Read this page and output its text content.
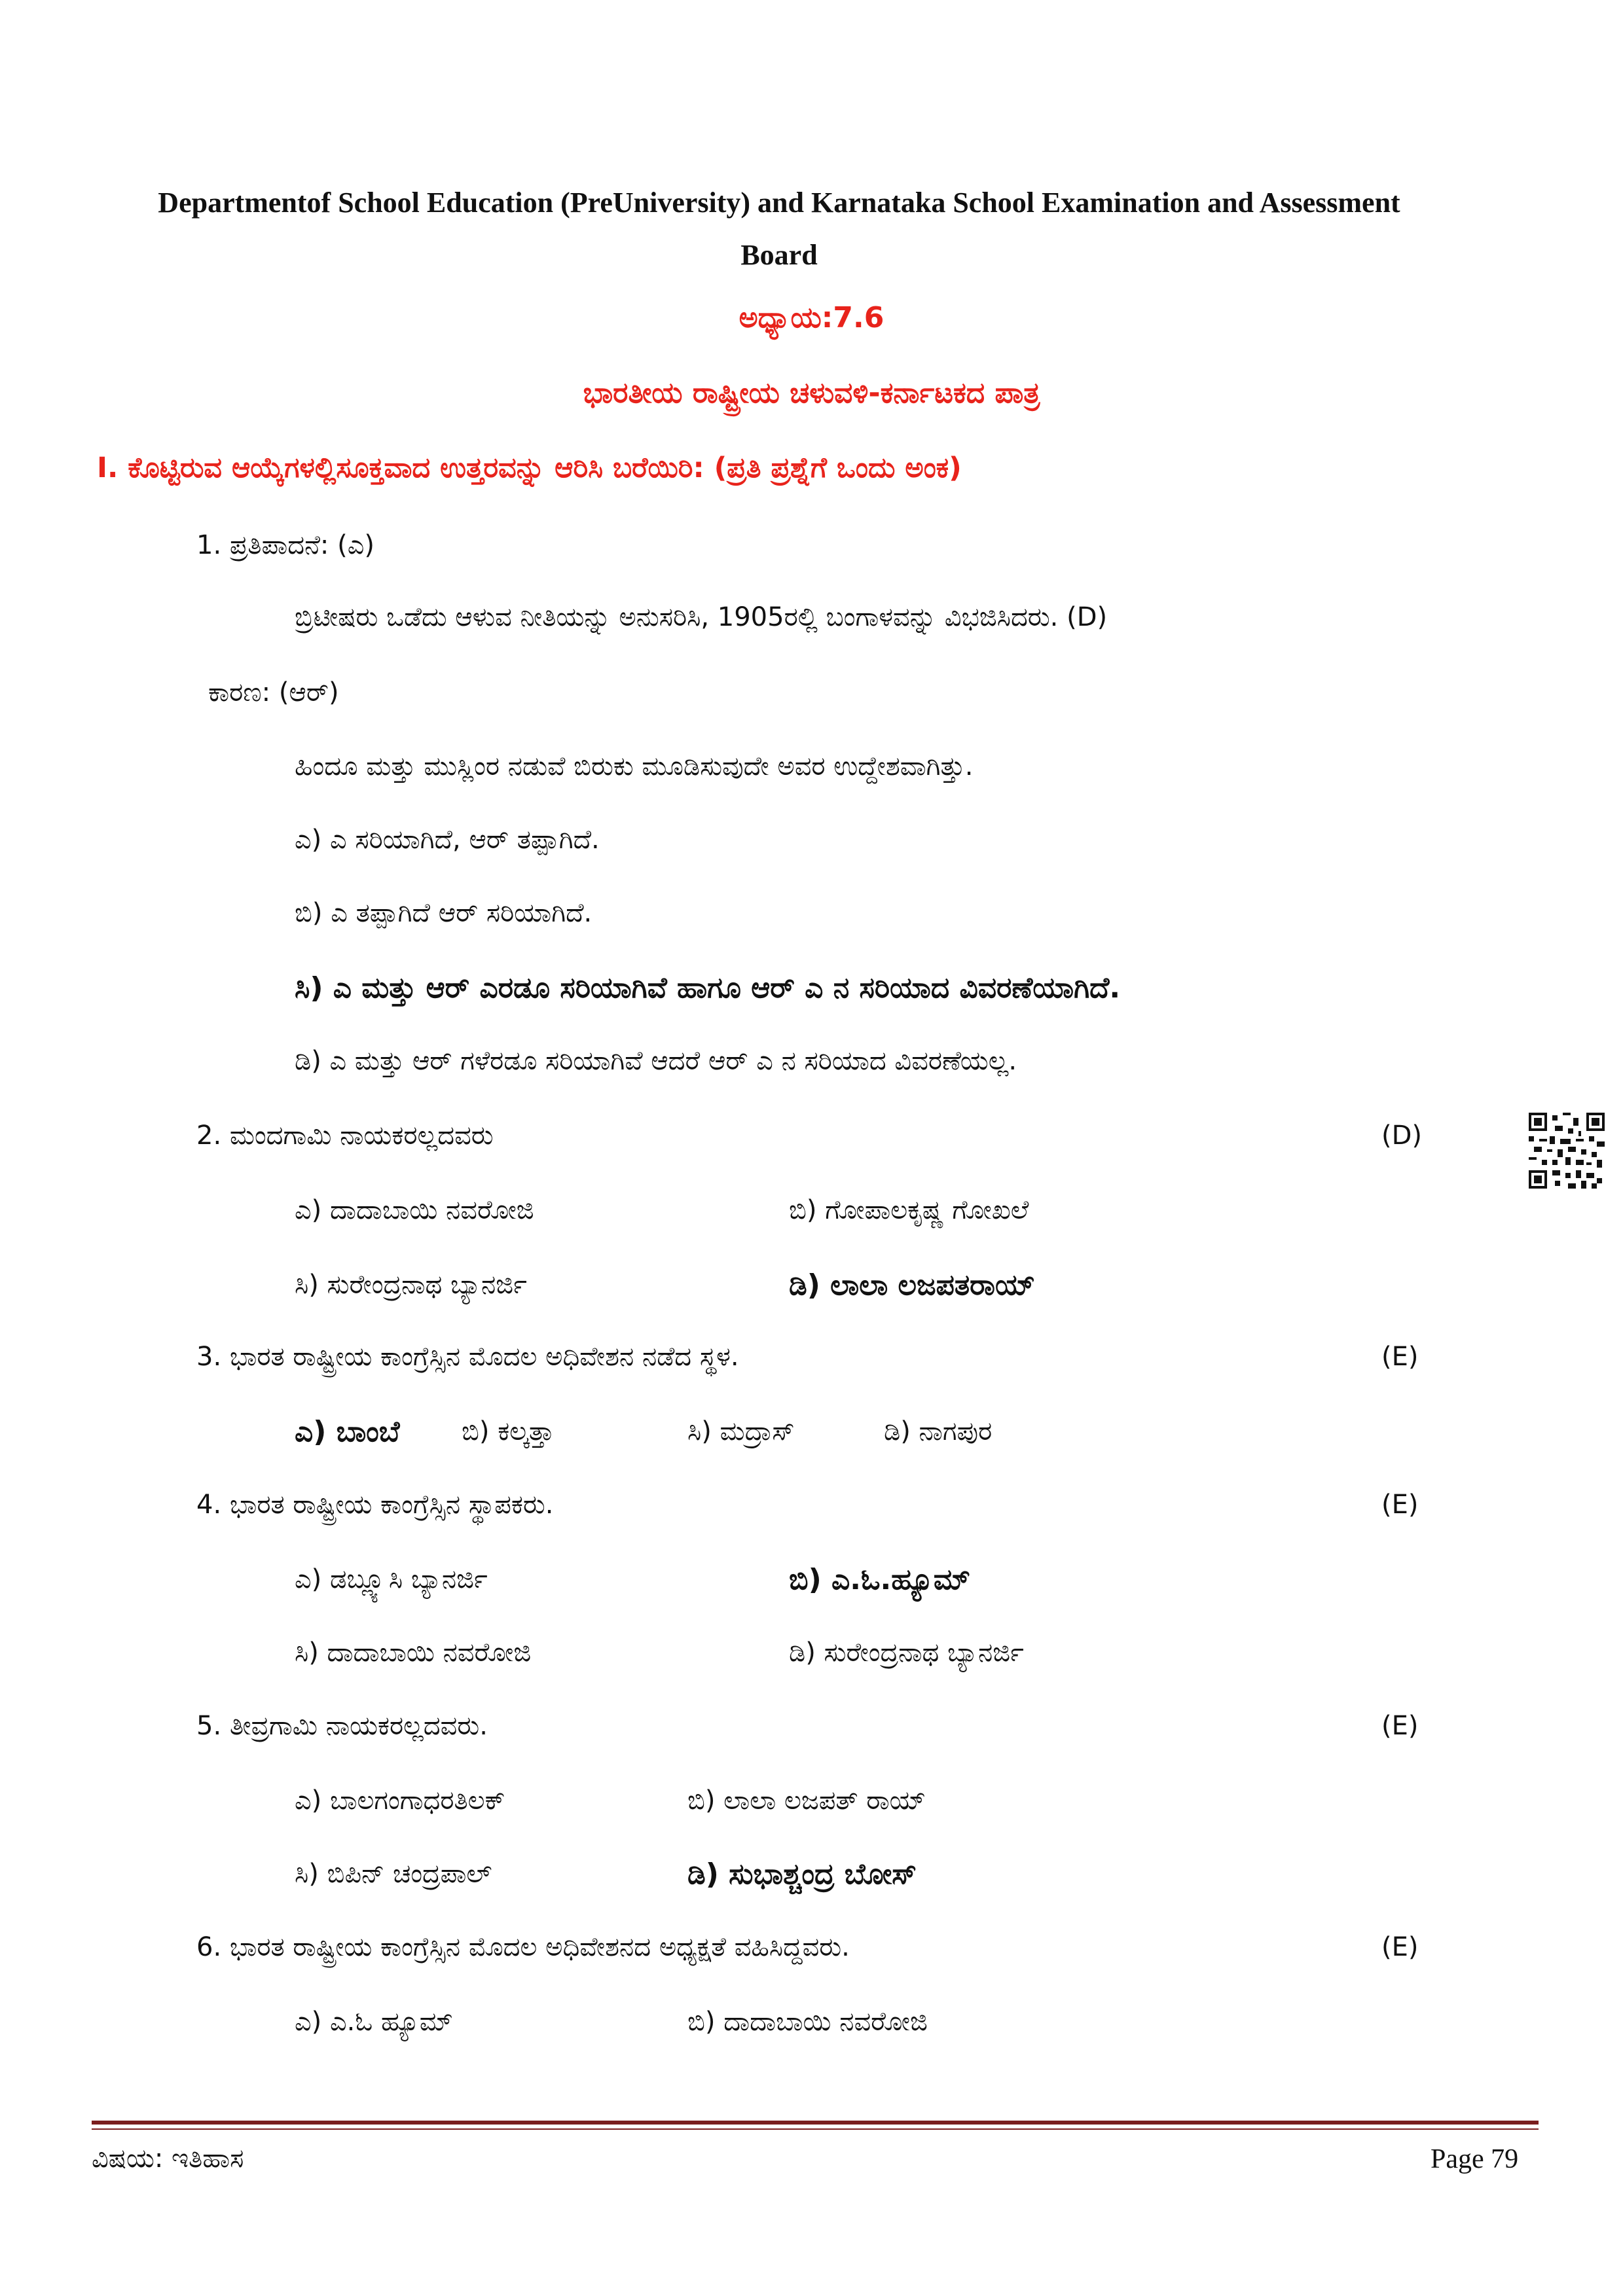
Departmentof School Education (PreUniversity) and Karnataka School Examination and Assessment
Board
ಅಧ್ಯಾಯ:7.6
ಭಾರತೀಯ ರಾಷ್ಟ್ರೀಯ ಚಳುವಳಿ-ಕರ್ನಾಟಕದ ಪಾತ್ರ
I. ಕೊಟ್ಟಿರುವ ಆಯ್ಕೆಗಳಲ್ಲಿಸೂಕ್ತವಾದ ಉತ್ತರವನ್ನು ಆರಿಸಿ ಬರೆಯಿರಿ: (ಪ್ರತಿ ಪ್ರಶ್ನೆಗೆ ಒಂದು ಅಂಕ)
1. ಪ್ರತಿಪಾದನೆ: (ಎ)
ಬ್ರಿಟೀಷರು ಒಡೆದು ಆಳುವ ನೀತಿಯನ್ನು ಅನುಸರಿಸಿ, 1905ರಲ್ಲಿ ಬಂಗಾಳವನ್ನು ವಿಭಜಿಸಿದರು. (D)
ಕಾರಣ: (ಆರ್)
ಹಿಂದೂ ಮತ್ತು ಮುಸ್ಲಿಂರ ನಡುವೆ ಬಿರುಕು ಮೂಡಿಸುವುದೇ ಅವರ ಉದ್ದೇಶವಾಗಿತ್ತು.
ಎ) ಎ ಸರಿಯಾಗಿದೆ, ಆರ್ ತಪ್ಪಾಗಿದೆ.
ಬಿ) ಎ ತಪ್ಪಾಗಿದೆ ಆರ್ ಸರಿಯಾಗಿದೆ.
ಸಿ) ಎ ಮತ್ತು ಆರ್ ಎರಡೂ ಸರಿಯಾಗಿವೆ ಹಾಗೂ ಆರ್ ಎ ನ ಸರಿಯಾದ ವಿವರಣೆಯಾಗಿದೆ.
ಡಿ) ಎ ಮತ್ತು ಆರ್ ಗಳೆರಡೂ ಸರಿಯಾಗಿವೆ ಆದರೆ ಆರ್ ಎ ನ ಸರಿಯಾದ ವಿವರಣೆಯಲ್ಲ.
2. ಮಂದಗಾಮಿ ನಾಯಕರಲ್ಲದವರು	(D)
ಎ) ದಾದಾಬಾಯಿ ನವರೋಜಿ	ಬಿ) ಗೋಪಾಲಕೃಷ್ಣ ಗೋಖಲೆ
ಸಿ) ಸುರೇಂದ್ರನಾಥ ಬ್ಯಾನರ್ಜಿ	ಡಿ) ಲಾಲಾ ಲಜಪತರಾಯ್
3. ಭಾರತ ರಾಷ್ಟ್ರೀಯ ಕಾಂಗ್ರೆಸ್ಸಿನ ಮೊದಲ ಅಧಿವೇಶನ ನಡೆದ ಸ್ಥಳ.	(E)
ಎ) ಬಾಂಬೆ ಬಿ) ಕಲ್ಕತ್ತಾ	ಸಿ) ಮದ್ರಾಸ್	ಡಿ) ನಾಗಪುರ
4. ಭಾರತ ರಾಷ್ಟ್ರೀಯ ಕಾಂಗ್ರೆಸ್ಸಿನ ಸ್ಥಾಪಕರು.	(E)
ಎ) ಡಬ್ಲ್ಯೂಸಿ ಬ್ಯಾನರ್ಜಿ	ಬಿ) ಎ.ಓ.ಹ್ಯೂಮ್
ಸಿ) ದಾದಾಬಾಯಿ ನವರೋಜಿ	ಡಿ) ಸುರೇಂದ್ರನಾಥ ಬ್ಯಾನರ್ಜಿ
5. ತೀವ್ರಗಾಮಿ ನಾಯಕರಲ್ಲದವರು.	(E)
ಎ) ಬಾಲಗಂಗಾಧರತಿಲಕ್	ಬಿ) ಲಾಲಾ ಲಜಪತ್ ರಾಯ್
ಸಿ) ಬಿಪಿನ್ ಚಂದ್ರಪಾಲ್	ಡಿ) ಸುಭಾಶ್ಚಂದ್ರ ಬೋಸ್
6. ಭಾರತ ರಾಷ್ಟ್ರೀಯ ಕಾಂಗ್ರೆಸ್ಸಿನ ಮೊದಲ ಅಧಿವೇಶನದ ಅಧ್ಯಕ್ಷತೆ ವಹಿಸಿದ್ದವರು.	(E)
ಎ) ಎ.ಓ ಹ್ಯೂಮ್	ಬಿ) ದಾದಾಬಾಯಿ ನವರೋಜಿ
ವಿಷಯ: ಇತಿಹಾಸ	Page 79
